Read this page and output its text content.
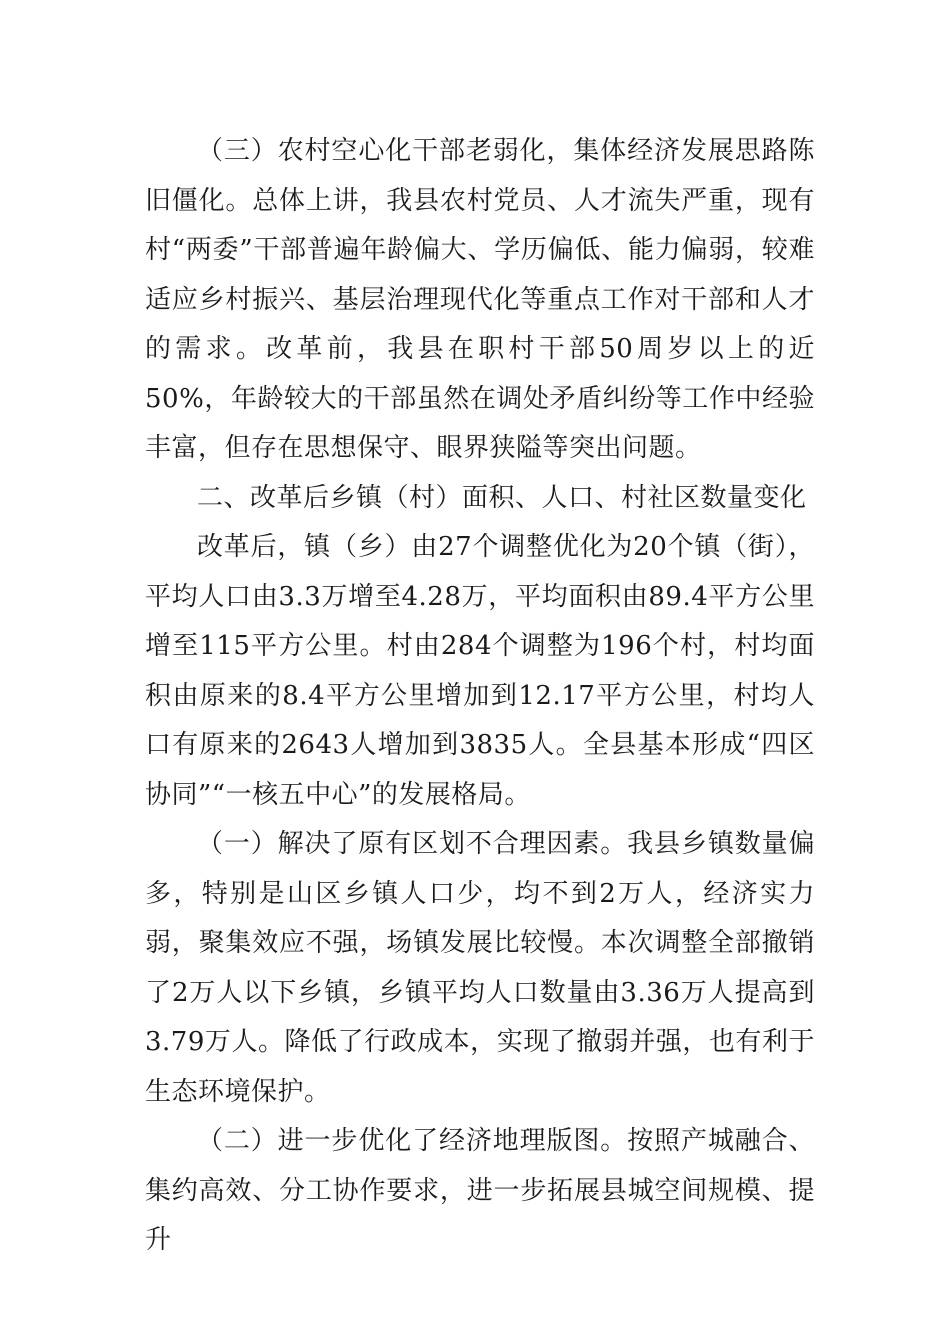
（三）农村空心化干部老弱化，集体经济发展思路陈旧僵化。总体上讲，我县农村党员、人才流失严重，现有村“两委”干部普遍年龄偏大、学历偏低、能力偏弱，较难适应乡村振兴、基层治理现代化等重点工作对干部和人才的需求。改革前，我县在职村干部50周岁以上的近50%，年龄较大的干部虽然在调处矛盾纠纷等工作中经验丰富，但存在思想保守、眼界狭隘等突出问题。

二、改革后乡镇（村）面积、人口、村社区数量变化

改革后，镇（乡）由27个调整优化为20个镇（街），平均人口由3.3万增至4.28万，平均面积由89.4平方公里增至115平方公里。村由284个调整为196个村，村均面积由原来的8.4平方公里增加到12.17平方公里，村均人口有原来的2643人增加到3835人。全县基本形成“四区协同”“一核五中心”的发展格局。

（一）解决了原有区划不合理因素。我县乡镇数量偏多，特别是山区乡镇人口少，均不到2万人，经济实力弱，聚集效应不强，场镇发展比较慢。本次调整全部撤销了2万人以下乡镇，乡镇平均人口数量由3.36万人提高到3.79万人。降低了行政成本，实现了撤弱并强，也有利于生态环境保护。

（二）进一步优化了经济地理版图。按照产城融合、集约高效、分工协作要求，进一步拓展县城空间规模、提升
